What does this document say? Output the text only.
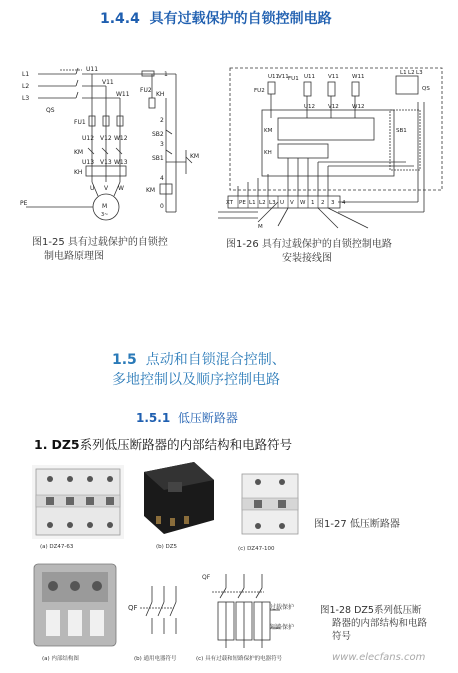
1.4.4 具有过载保护的自锁控制电路
L1
L2
L3
QS
U11
V11
W11
FU1
FU2
U12 V12 W12
KM
U13 V13 W13
KH
U V W
PE	M
3~
KH
SB2
SB1	KM
KM
1
2
3
4
0
图1-25 具有过载保护的自锁控
制电路原理图
XT PE L1 L2 L3 U V W 1 2 3 4
L1 L2 L3
QS
FU2
FU1
U11
V11	U11 V11 W11
U12 V12 W12
KM
KH
SB1
M
图1-26 具有过载保护的自锁控制电路
安装接线图
1.5 点动和自锁混合控制、
多地控制以及顺序控制电路
1.5.1 低压断路器
1. DZ5系列低压断路器的内部结构和电路符号
(a) DZ47-63	(b) DZ5	(c) DZ47-100
图1-27 低压断路器
(a) 内部结构图
QF
(b) 通用电器符号
QF
过载保护
短路保护
(c) 具有过载和短路保护的电器符号
图1-28 DZ5系列低压断
路器的内部结构和电路
符号
www.elecfans.com
